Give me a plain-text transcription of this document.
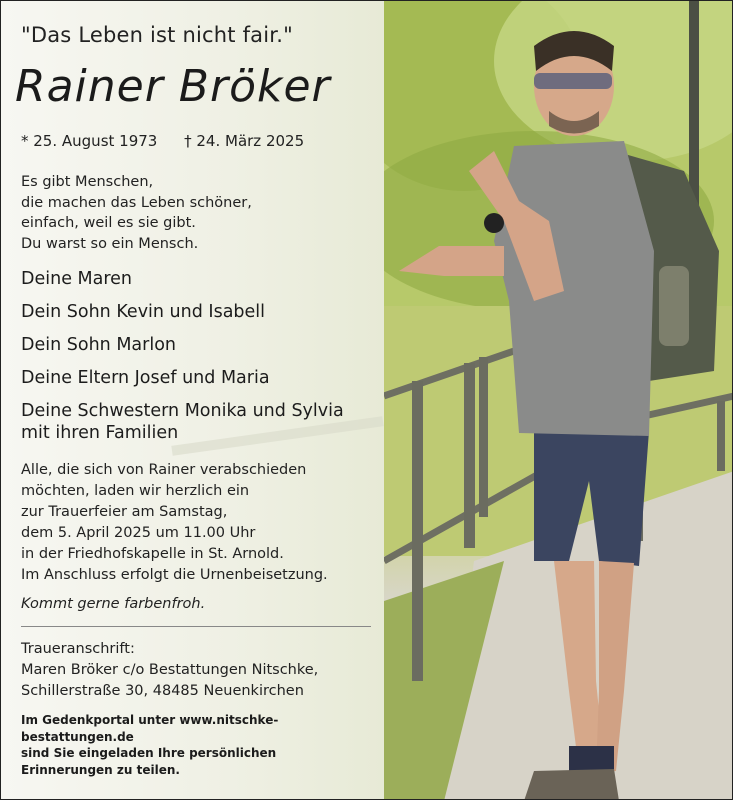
"Das Leben ist nicht fair."

Rainer Bröker
* 25. August 1973 † 24. März 2025
Es gibt Menschen,
die machen das Leben schöner,
einfach, weil es sie gibt.
Du warst so ein Mensch.
Deine Maren
Dein Sohn Kevin und Isabell
Dein Sohn Marlon
Deine Eltern Josef und Maria
Deine Schwestern Monika und Sylvia
mit ihren Familien
Alle, die sich von Rainer verabschieden
möchten, laden wir herzlich ein
zur Trauerfeier am Samstag,
dem 5. April 2025 um 11.00 Uhr
in der Friedhofskapelle in St. Arnold.
Im Anschluss erfolgt die Urnenbeisetzung.
Kommt gerne farbenfroh.
Traueranschrift:
Maren Bröker c/o Bestattungen Nitschke,
Schillerstraße 30, 48485 Neuenkirchen
Im Gedenkportal unter www.nitschke-bestattungen.de
sind Sie eingeladen Ihre persönlichen
Erinnerungen zu teilen.
